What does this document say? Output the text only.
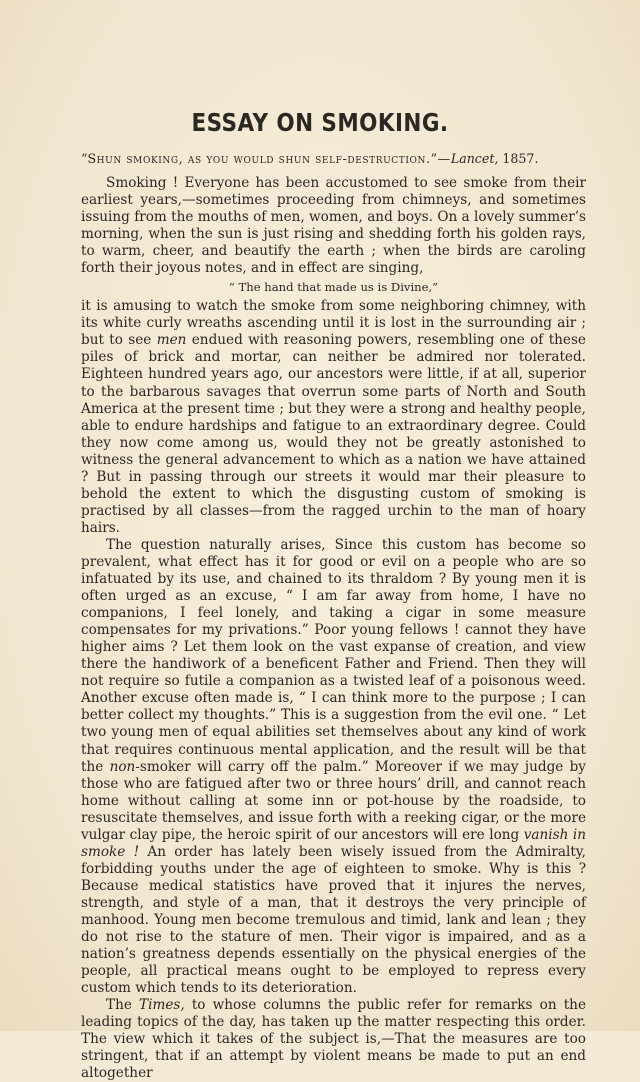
ESSAY ON SMOKING.
“Shun smoking, as you would shun self-destruction.”—Lancet, 1857.

Smoking ! Everyone has been accustomed to see smoke from their earliest years,—sometimes proceeding from chimneys, and sometimes issuing from the mouths of men, women, and boys. On a lovely summer’s morning, when the sun is just rising and shedding forth his golden rays, to warm, cheer, and beautify the earth ; when the birds are caroling forth their joyous notes, and in effect are singing,

“ The hand that made us is Divine,”

it is amusing to watch the smoke from some neighboring chimney, with its white curly wreaths ascending until it is lost in the surrounding air ; but to see men endued with reasoning powers, resembling one of these piles of brick and mortar, can neither be admired nor tolerated. Eighteen hundred years ago, our ancestors were little, if at all, superior to the barbarous savages that overrun some parts of North and South America at the present time ; but they were a strong and healthy people, able to endure hardships and fatigue to an extraordinary degree. Could they now come among us, would they not be greatly astonished to witness the general advancement to which as a nation we have attained ? But in passing through our streets it would mar their pleasure to behold the extent to which the disgusting custom of smoking is practised by all classes—from the ragged urchin to the man of hoary hairs.

The question naturally arises, Since this custom has become so prevalent, what effect has it for good or evil on a people who are so infatuated by its use, and chained to its thraldom ? By young men it is often urged as an excuse, “ I am far away from home, I have no companions, I feel lonely, and taking a cigar in some measure compensates for my privations.” Poor young fellows ! cannot they have higher aims ? Let them look on the vast expanse of creation, and view there the handiwork of a beneficent Father and Friend. Then they will not require so futile a companion as a twisted leaf of a poisonous weed. Another excuse often made is, “ I can think more to the purpose ; I can better collect my thoughts.” This is a suggestion from the evil one. “ Let two young men of equal abilities set themselves about any kind of work that requires continuous mental application, and the result will be that the non-smoker will carry off the palm.” Moreover if we may judge by those who are fatigued after two or three hours’ drill, and cannot reach home without calling at some inn or pot-house by the roadside, to resuscitate themselves, and issue forth with a reeking cigar, or the more vulgar clay pipe, the heroic spirit of our ancestors will ere long vanish in smoke ! An order has lately been wisely issued from the Admiralty, forbidding youths under the age of eighteen to smoke. Why is this ? Because medical statistics have proved that it injures the nerves, strength, and style of a man, that it destroys the very principle of manhood. Young men become tremulous and timid, lank and lean ; they do not rise to the stature of men. Their vigor is impaired, and as a nation’s greatness depends essentially on the physical energies of the people, all practical means ought to be employed to repress every custom which tends to its deterioration.

The Times, to whose columns the public refer for remarks on the leading topics of the day, has taken up the matter respecting this order. The view which it takes of the subject is,—That the measures are too stringent, that if an attempt by violent means be made to put an end altogether
